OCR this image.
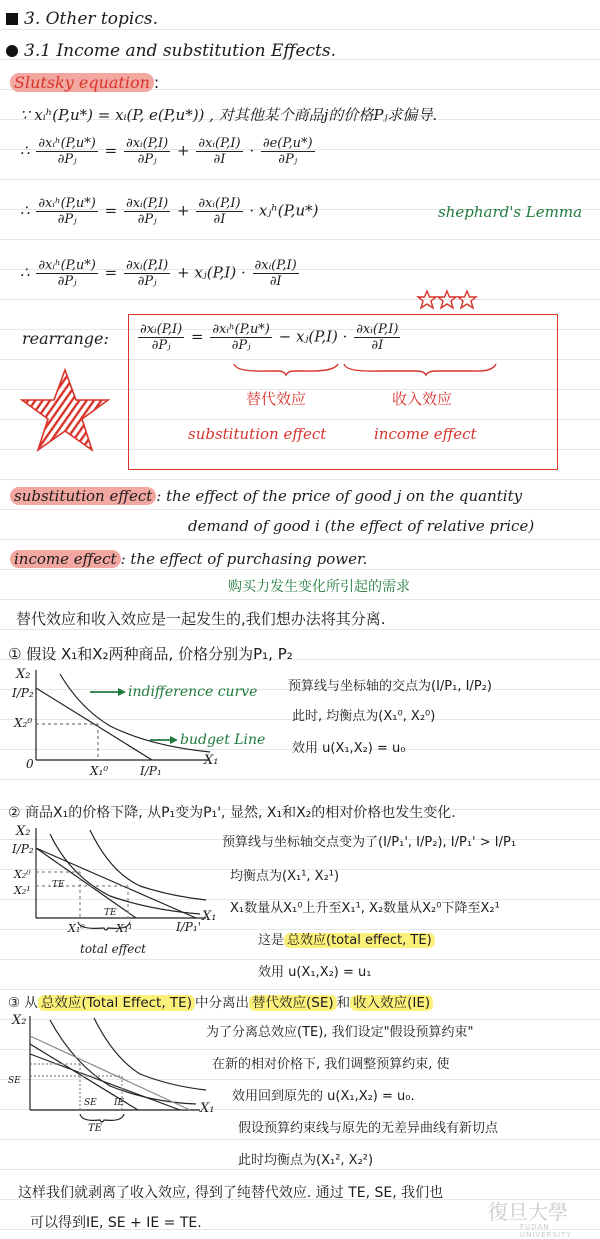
3. Other topics.
3.1 Income and substitution Effects.
Slutsky equation :
∵ xᵢʰ(P,u*) = xᵢ(P, e(P,u*)) , 对其他某个商品j的价格Pⱼ求偏导.
∴ $\frac{\text{∂xᵢʰ(P,u*)}}{\text{∂Pⱼ}} = \frac{\text{∂xᵢ(P,I)}}{\text{∂Pⱼ}} + \frac{\text{∂xᵢ(P,I)}}{\partial I} \cdot \frac{\partial e(P,u*)}{\text{∂Pⱼ}}$
∴ $\frac{\text{∂xᵢʰ(P,u*)}}{\text{∂Pⱼ}} = \frac{\text{∂xᵢ(P,I)}}{\text{∂Pⱼ}} + \frac{\text{∂xᵢ(P,I)}}{\partial I}$ · xⱼʰ(P,u*)	shephard's Lemma
∴ $\frac{\text{∂xᵢʰ(P,u*)}}{\text{∂Pⱼ}} = \frac{\text{∂xᵢ(P,I)}}{\text{∂Pⱼ}}$ + xⱼ(P,I) · $\frac{\text{∂xᵢ(P,I)}}{\partial I}$
rearrange: $\frac{\text{∂xᵢ(P,I)}}{\text{∂Pⱼ}} = \frac{\text{∂xᵢʰ(P,u*)}}{\text{∂Pⱼ}}$ − xⱼ(P,I) · $\frac{\text{∂xᵢ(P,I)}}{\partial I}$
替代效应	收入效应
substitution effect	income effect
substitution effect : the effect of the price of good j on the quantity
demand of good i (the effect of relative price)
income effect : the effect of purchasing power.
购买力发生变化所引起的需求
替代效应和收入效应是一起发生的,我们想办法将其分离.
① 假设 X₁和X₂两种商品, 价格分别为P₁, P₂
X₂
I/P₂
X₂⁰
0	X₁⁰	I/P₁
X₁
indifference curve
budget Line
预算线与坐标轴的交点为(I/P₁, I/P₂)
此时, 均衡点为(X₁⁰, X₂⁰)
效用 u(X₁,X₂) = u₀
② 商品X₁的价格下降, 从P₁变为P₁', 显然, X₁和X₂的相对价格也发生变化.
X₂
I/P₂
X₂⁰
X₂¹ TE
TE
X₁⁰	X₁¹
total effect
I/P₁'
X₁
预算线与坐标轴交点变为了(I/P₁', I/P₂), I/P₁' > I/P₁
均衡点为(X₁¹, X₂¹)
X₁数量从X₁⁰上升至X₁¹, X₂数量从X₂⁰下降至X₂¹
这是 总效应(total effect, TE)
效用 u(X₁,X₂) = u₁
③ 从 总效应(Total Effect, TE) 中分离出 替代效应(SE) 和 收入效应(IE)
X₂
SE
SE IE
TE
X₁
为了分离总效应(TE), 我们设定"假设预算约束"
在新的相对价格下, 我们调整预算约束, 使
效用回到原先的 u(X₁,X₂) = u₀.
假设预算约束线与原先的无差异曲线有新切点
此时均衡点为(X₁², X₂²)
这样我们就剥离了收入效应, 得到了纯替代效应. 通过 TE, SE, 我们也
可以得到IE, SE + IE = TE.	復旦大學
FUDAN UNIVERSITY
